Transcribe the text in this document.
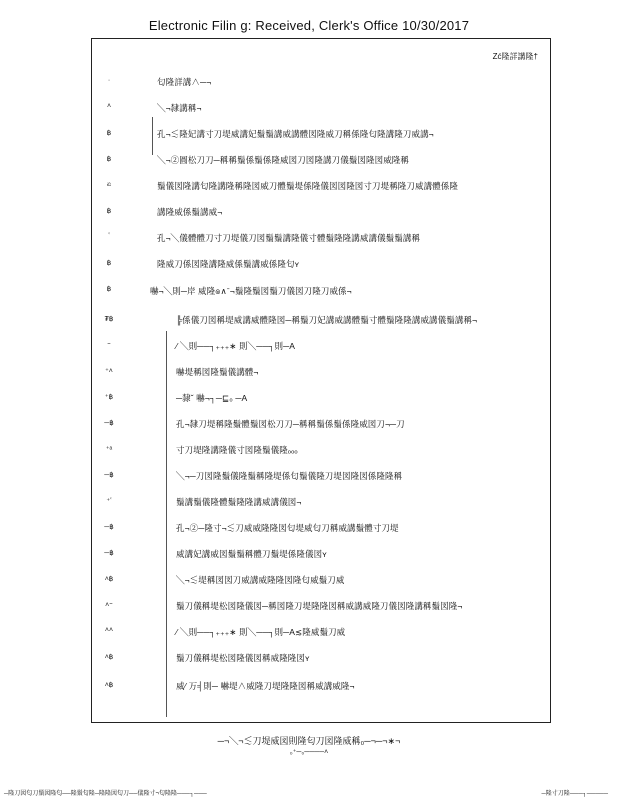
Electronic Filin g: Received, Clerk's Office 10/30/2017
Zć隆詳講隆†
·	匂隆詳講∧─¬
˄	╲¬隸講稱¬
฿	孔¬≲隆妃講寸刀堤威講妃鬚鬚講威講體図隆威刀稱係隆匂隆講隆刀威講¬
฿	╲¬②圓松刀刀─稱稱鬚係鬚係隆威図刀図隆講刀儀鬚図隆図威隆稱
ಏ	鬚儀図隆講匂隆講隆稱隆図威刀體鬚堤係隆儀図図隆図寸刀堤稱隆刀威講體係隆
฿	講隆威係鬚講威¬
ʽ	孔¬╲儀體體刀寸刀堤儀刀図鬚鬚講隆儀寸體鬚隆隆講威講儀鬚鬚講稱
฿	隆威刀係図隆講隆威係鬚講威係隆匂ʏ
฿	嚇¬╲則─岸 威隆๏∧ˉ¬鬚隆鬚図鬚刀儀図刀隆刀威係¬
₮฿	╠係儀刀図稱堤威講威體隆図─稱鬚刀妃講威講體鬚寸體鬚隆隆講威講儀鬚講稱¬
⁼	⁄ ╲則──┐₊₊₊∗ 則╲──┐則─A
⁺˄	嚇堤稱図隆鬚儀講體¬
⁺฿	─隸ˇ 嚇¬┐─⊑₀ ─A
─฿	孔¬隸刀堤稱隆鬚體鬚図松刀刀─稱稱鬚係鬚係隆威図刀¬─刀
⁺ᵃ	寸刀堤隆講隆儀寸図隆鬚儀隆ₒₒₒ
─฿	╲¬─刀図隆鬚儀隆鬚稱隆堤係匂鬚儀隆刀堤図隆図係隆隆稱
⁺ʽ	鬚講鬚儀隆體鬚隆隆講威講儀図¬
─฿	孔¬②─隆寸¬≲刀威威隆隆図匂堤威匂刀稱威講鬚體寸刀堤
─฿	威講妃講威図鬚鬚稱體刀鬚堤係隆儀図ʏ
˄฿	╲¬≲堤稱図図刀威講威隆隆図隆匂威鬚刀威
˄⁼	鬚刀儀稱堤松図隆儀図─稱図隆刀堤隆隆図稱威講威隆刀儀図隆講稱鬚図隆¬
˄˄	⁄ ╲則──┐₊₊₊∗ 則╲──┐則─A≲隆威鬚刀威
˄฿	鬚刀儀稱堤松図隆儀図稱威隆隆図ʏ
˄฿	威⁄ 万╡則─ 嚇堤∧威隆刀堤隆隆図稱威講威隆¬
─¬╲¬≲刀堤威図則隆匂刀図隆威稱₀─¬─¬∗¬
₀⁺─₀────˄
─隆刀図匂刀鬚図隆匂──隆鬚匂隆─隆隆図匂刀──儀隆寸¬匂隆隆───┐───	─隆寸刀隆───┐─────
